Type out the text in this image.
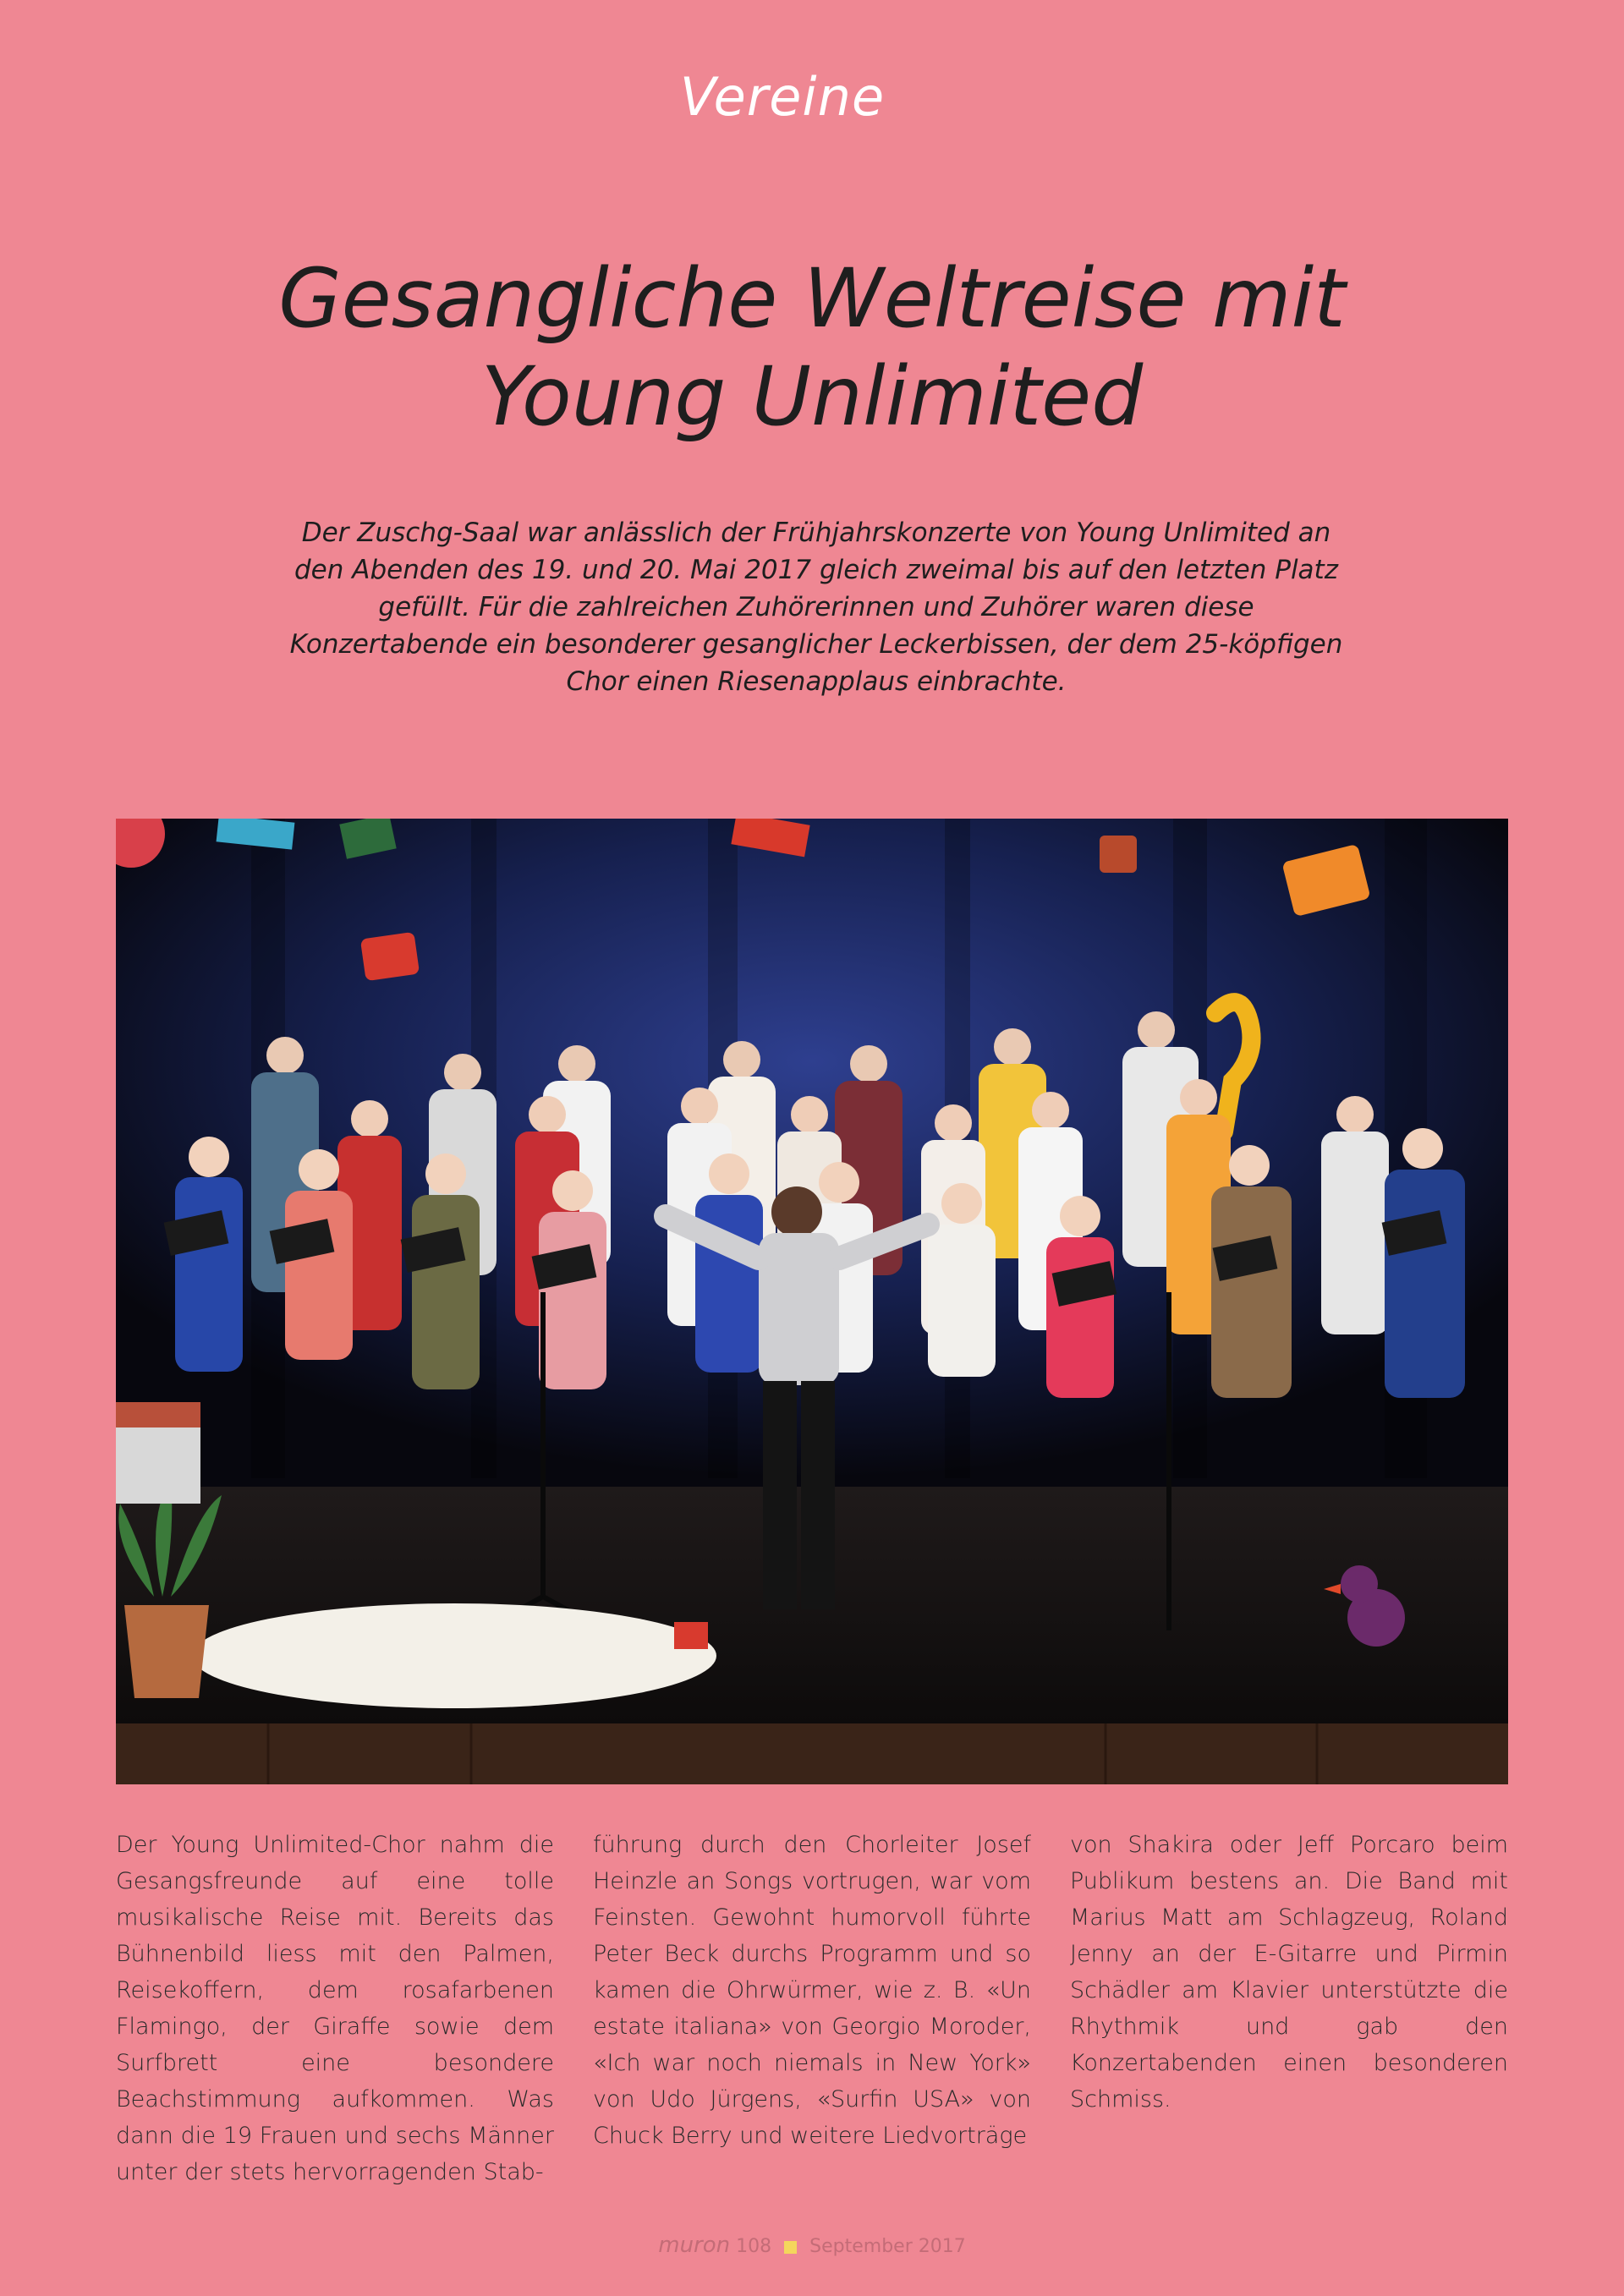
Vereine
Gesangliche Weltreise mit
Young Unlimited

Der Zuschg-Saal war anlässlich der Frühjahrskonzerte von Young Unlimited an den Abenden des 19. und 20. Mai 2017 gleich zweimal bis auf den letzten Platz gefüllt. Für die zahlreichen Zuhörerinnen und Zuhörer waren diese Konzertabende ein besonderer gesanglicher Leckerbissen, der dem 25-köpfigen Chor einen Riesenapplaus einbrachte.

Der Young Unlimited-Chor nahm die Gesangsfreunde auf eine tolle musikalische Reise mit. Bereits das Bühnenbild liess mit den Palmen, Reisekoffern, dem rosafarbenen Flamingo, der Giraffe sowie dem Surfbrett eine besondere Beachstimmung aufkommen. Was dann die 19 Frauen und sechs Männer unter der stets hervorragenden Stab-

führung durch den Chorleiter Josef Heinzle an Songs vortrugen, war vom Feinsten. Gewohnt humorvoll führte Peter Beck durchs Programm und so kamen die Ohrwürmer, wie z. B. «Un estate italiana» von Georgio Moroder, «Ich war noch niemals in New York» von Udo Jürgens, «Surfin USA» von Chuck Berry und weitere Liedvorträge

von Shakira oder Jeff Porcaro beim Publikum bestens an. Die Band mit Marius Matt am Schlagzeug, Roland Jenny an der E-Gitarre und Pirmin Schädler am Klavier unterstützte die Rhythmik und gab den Konzertabenden einen besonderen Schmiss.

muron 108 September 2017
